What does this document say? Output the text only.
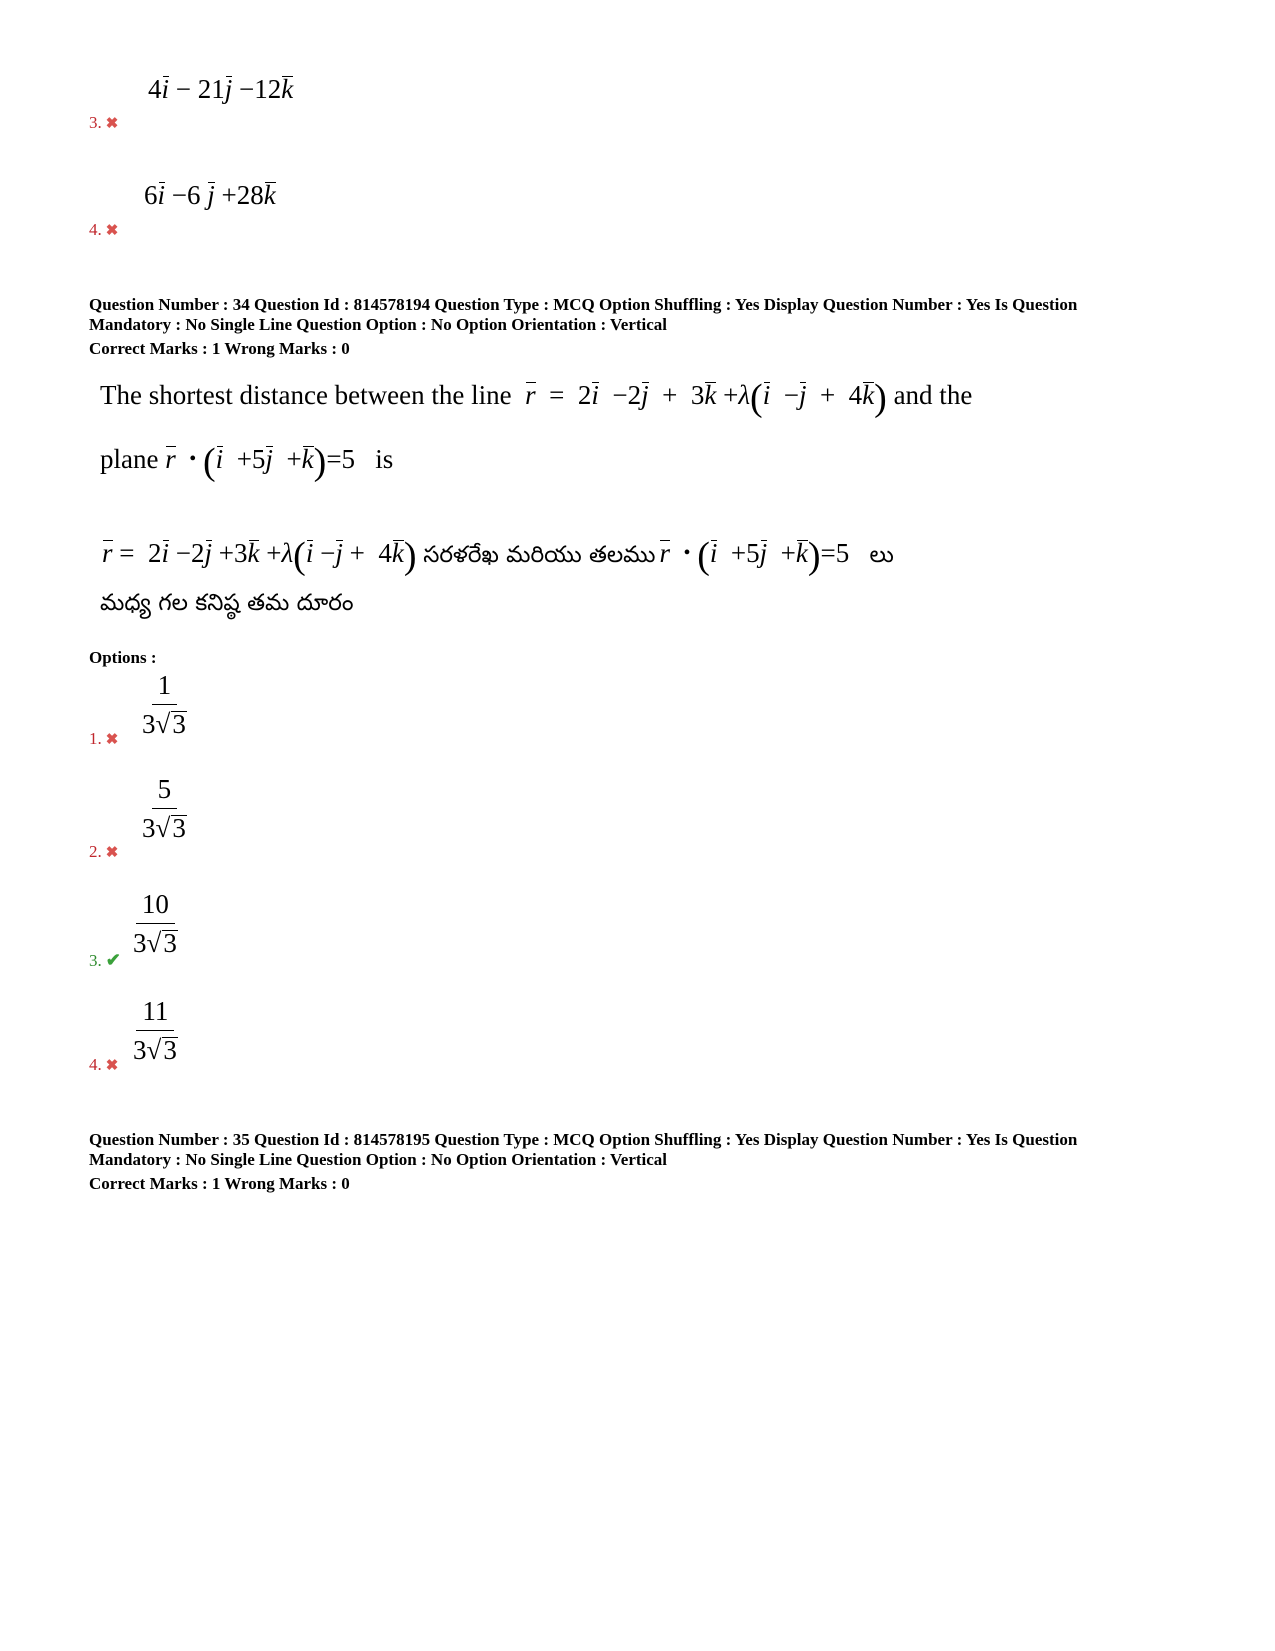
4i − 21j −12k
3. ✖
6i −6 j +28k
4. ✖
Question Number : 34 Question Id : 814578194 Question Type : MCQ Option Shuffling : Yes Display Question Number : Yes Is Question
Mandatory : No Single Line Question Option : No Option Orientation : Vertical
Correct Marks : 1 Wrong Marks : 0
The shortest distance between the line r  =  2i  −2j  +  3k +λ(i  −j  +  4k) and the
plane r • (i  +5j  +k)=5   is
r =  2i −2j +3k +λ(i −j +  4k) సరళరేఖ మరియు తలము r • (i  +5j  +k)=5   లు
మధ్య గల కనిష్ఠ తమ దూరం
Options :
$\frac{1}{3√3}$
1. ✖
$\frac{5}{3√3}$
2. ✖
$\frac{10}{3√3}$
3. ✔
$\frac{11}{3√3}$
4. ✖
Question Number : 35 Question Id : 814578195 Question Type : MCQ Option Shuffling : Yes Display Question Number : Yes Is Question
Mandatory : No Single Line Question Option : No Option Orientation : Vertical
Correct Marks : 1 Wrong Marks : 0
